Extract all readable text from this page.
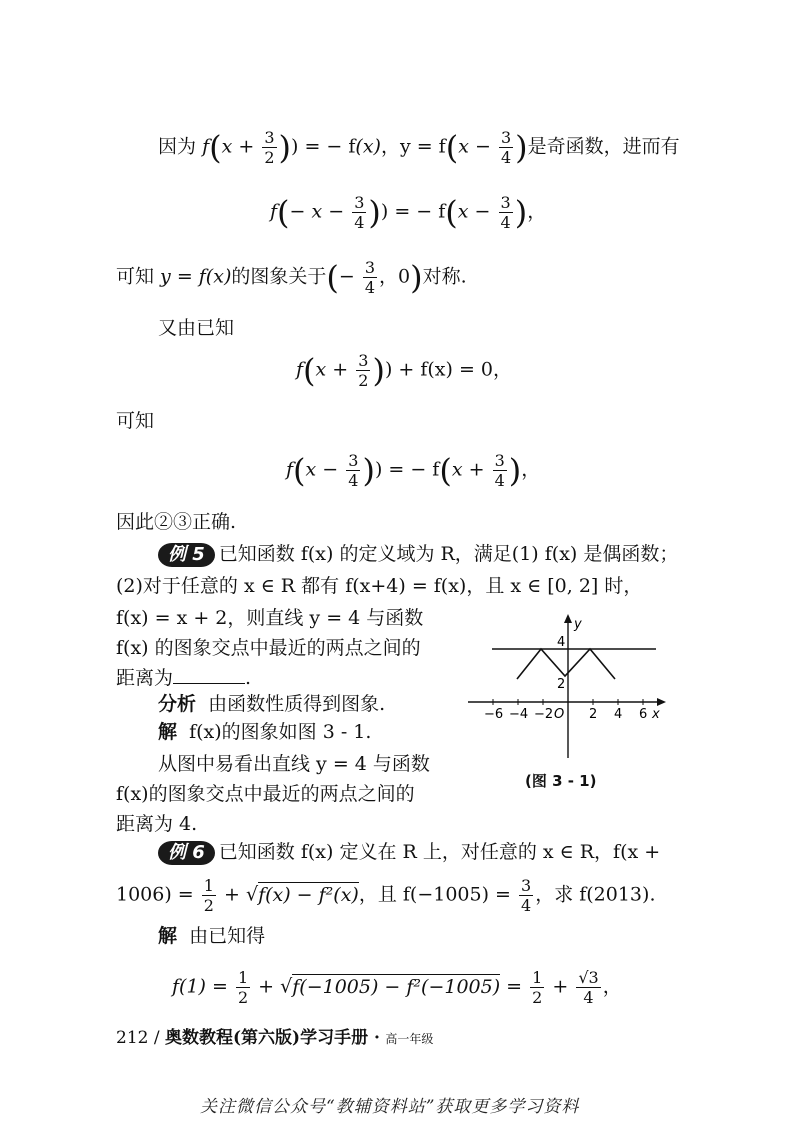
因为 $f(x + \frac{3}{2}$ )) = − f(x)，$y = f(x - \frac{3}{4}$ )是奇函数，进而有
$f(- x - \frac{3}{4}$ )) = − $f(x - \frac{3}{4}$ )，
可知 y = f(x)的图象关于(− $\frac{3}{4}$ ，0)对称.
又由已知
$f(x + \frac{3}{2}$ )) + f(x) = 0，
可知
$f(x - \frac{3}{4}$ )) = − $f(x + \frac{3}{4}$ )，
因此②③正确.
例 5 已知函数 f(x) 的定义域为 R，满足(1) f(x) 是偶函数；
(2)对于任意的 x ∈ R 都有 f(x+4) = f(x)，且 x ∈ [0, 2] 时，
f(x) = x + 2，则直线 y = 4 与函数
f(x) 的图象交点中最近的两点之间的
距离为	.
分析 由函数性质得到图象.
解 f(x)的图象如图 3 - 1.
从图中易看出直线 y = 4 与函数
f(x)的图象交点中最近的两点之间的
距离为 4.
y
x
4
2
O
−6 −4 −2	2 4 6
(图 3 - 1)
例 6 已知函数 f(x) 定义在 R 上，对任意的 x ∈ R，f(x +
$1006) = \frac{1}{2} + √f(x) - f^2(x)$，且 $f(-1005) = \frac{3}{4}$ ，求 f(2013).
解 由已知得
$f(1) = \frac{1}{2} + √f(-1005) - f^2(-1005) = \frac{1}{2} + \frac{√3}{4}$ ，
212 / 奥数教程(第六版)学习手册 · 高一年级
关注微信公众号“教辅资料站”获取更多学习资料
